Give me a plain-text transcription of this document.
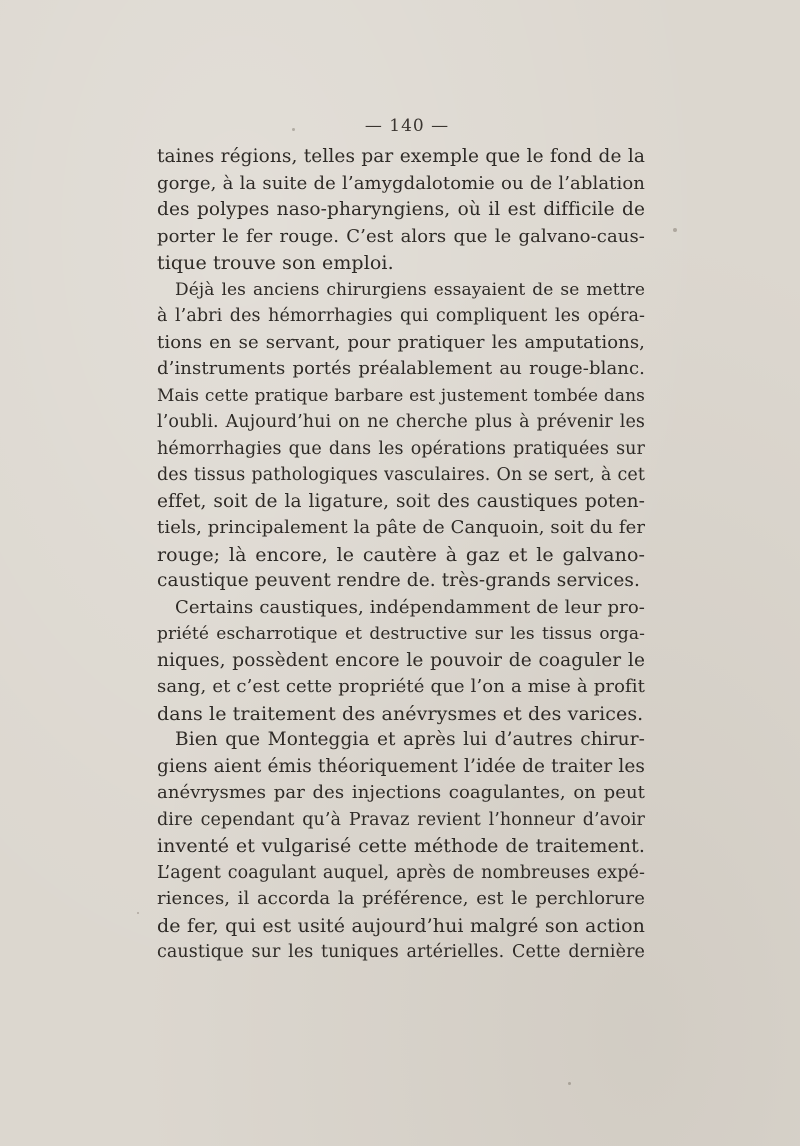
— 140 —
taines régions, telles par exemple que le fond de la
gorge, à la suite de l’amygdalotomie ou de l’ablation
des polypes naso-pharyngiens, où il est difficile de
porter le fer rouge. C’est alors que le galvano-caus-
tique trouve son emploi.
Déjà les anciens chirurgiens essayaient de se mettre
à l’abri des hémorrhagies qui compliquent les opéra-
tions en se servant, pour pratiquer les amputations,
d’instruments portés préalablement au rouge-blanc.
Mais cette pratique barbare est justement tombée dans
l’oubli. Aujourd’hui on ne cherche plus à prévenir les
hémorrhagies que dans les opérations pratiquées sur
des tissus pathologiques vasculaires. On se sert, à cet
effet, soit de la ligature, soit des caustiques poten-
tiels, principalement la pâte de Canquoin, soit du fer
rouge; là encore, le cautère à gaz et le galvano-
caustique peuvent rendre de. très-grands services.
Certains caustiques, indépendamment de leur pro-
priété escharrotique et destructive sur les tissus orga-
niques, possèdent encore le pouvoir de coaguler le
sang, et c’est cette propriété que l’on a mise à profit
dans le traitement des anévrysmes et des varices.
Bien que Monteggia et après lui d’autres chirur-
giens aient émis théoriquement l’idée de traiter les
anévrysmes par des injections coagulantes, on peut
dire cependant qu’à Pravaz revient l’honneur d’avoir
inventé et vulgarisé cette méthode de traitement.
L’agent coagulant auquel, après de nombreuses expé-
riences, il accorda la préférence, est le perchlorure
de fer, qui est usité aujourd’hui malgré son action
caustique sur les tuniques artérielles. Cette dernière
